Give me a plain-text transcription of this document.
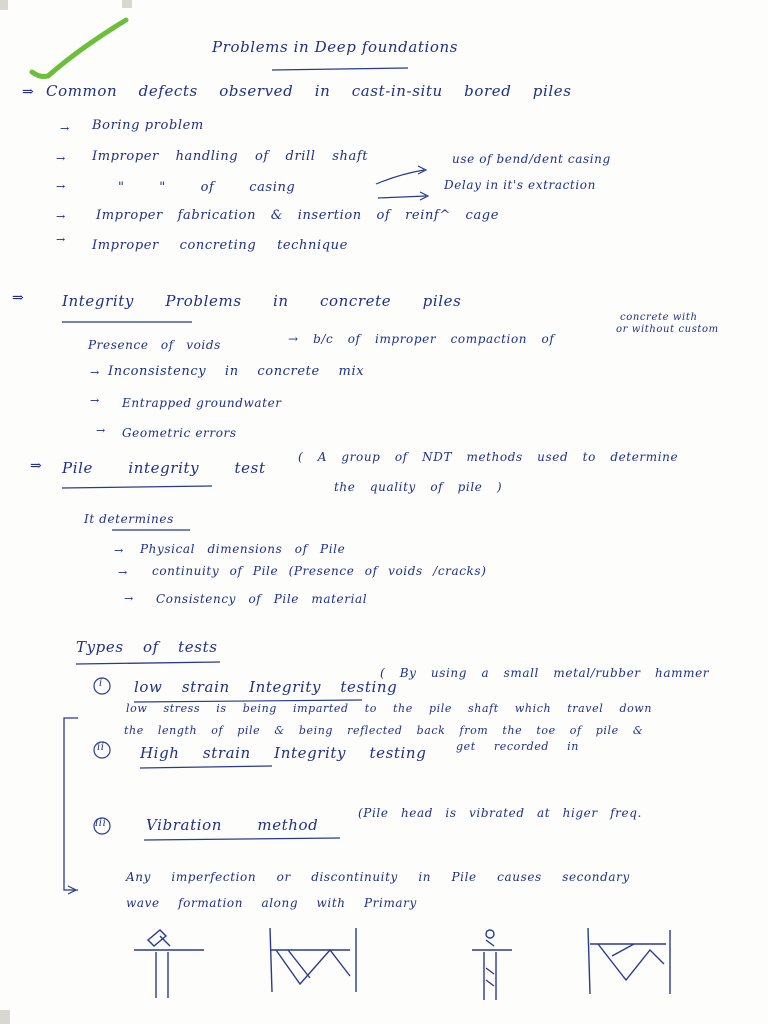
Problems in Deep foundations
⇒ Common defects observed in cast-in-situ bored piles
→ Boring problem
→ Improper handling of drill shaft
→	" " of casing
use of bend/dent casing
Delay in it's extraction
→ Improper fabrication & insertion of reinf^ cage
→ Improper concreting technique
⇒	Integrity Problems in concrete piles
Presence of voids	→ b/c of improper compaction of
concrete with
or without custom
→ Inconsistency in concrete mix
→ Entrapped groundwater
→ Geometric errors
⇒ Pile integrity test
( A group of NDT methods used to determine
the quality of pile )
It determines
→ Physical dimensions of Pile
→ continuity of Pile (Presence of voids /cracks)
→ Consistency of Pile material
Types of tests
i
ii
iii
low strain Integrity testing
( By using a small metal/rubber hammer
low stress is being imparted to the pile shaft which travel down
the length of pile & being reflected back from the toe of pile &
High strain Integrity testing	get recorded in
Vibration method
(Pile head is vibrated at higer freq.
Any imperfection or discontinuity in Pile causes secondary
wave formation along with Primary
